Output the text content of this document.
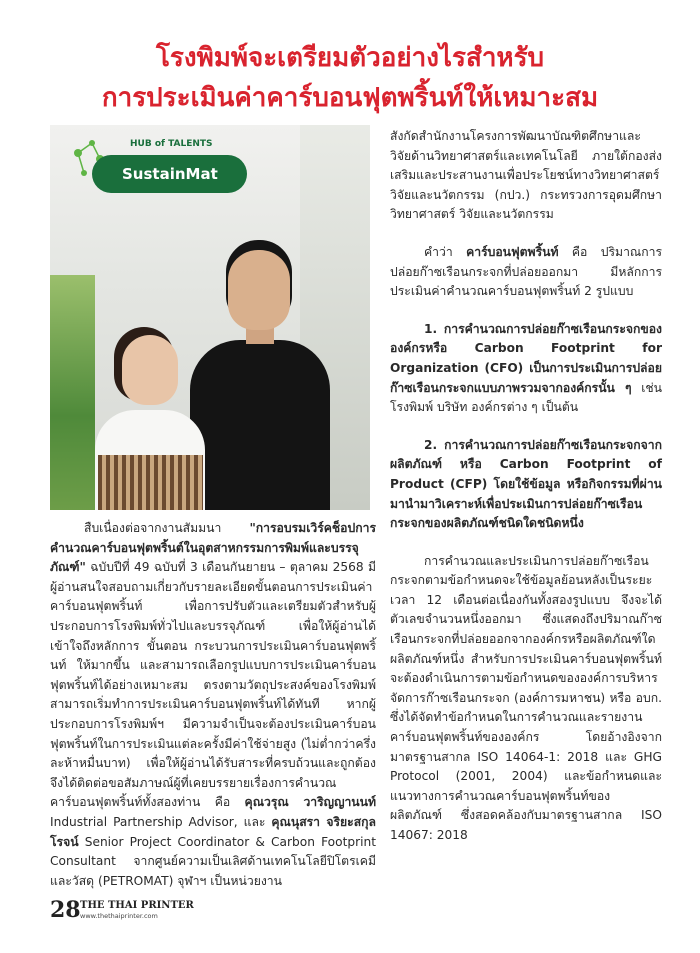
โรงพิมพ์จะเตรียมตัวอย่างไรสำหรับ
การประเมินค่าคาร์บอนฟุตพริ้นท์ให้เหมาะสม
HUB of TALENTS
SustainMat

สืบเนื่องต่อจากงานสัมมนา "การอบรมเวิร์คช็อปการคำนวณคาร์บอนฟุตพริ้นต์ในอุตสาหกรรมการพิมพ์และบรรจุภัณฑ์" ฉบับปีที่ 49 ฉบับที่ 3 เดือนกันยายน – ตุลาคม 2568 มีผู้อ่านสนใจสอบถามเกี่ยวกับรายละเอียดขั้นตอนการประเมินค่าคาร์บอนฟุตพริ้นท์ เพื่อการปรับตัวและเตรียมตัวสำหรับผู้ประกอบการโรงพิมพ์ทั่วไปและบรรจุภัณฑ์ เพื่อให้ผู้อ่านได้เข้าใจถึงหลักการ ขั้นตอน กระบวนการประเมินคาร์บอนฟุตพริ้นท์ ให้มากขึ้น และสามารถเลือกรูปแบบการประเมินคาร์บอนฟุตพริ้นท์ได้อย่างเหมาะสม ตรงตามวัตถุประสงค์ของโรงพิมพ์ สามารถเริ่มทำการประเมินคาร์บอนฟุตพริ้นท์ได้ทันที หากผู้ประกอบการโรงพิมพ์ฯ มีความจำเป็นจะต้องประเมินคาร์บอนฟุตพริ้นท์ในการประเมินแต่ละครั้งมีค่าใช้จ่ายสูง (ไม่ต่ำกว่าครึ่งละห้าหมื่นบาท) เพื่อให้ผู้อ่านได้รับสาระที่ครบถ้วนและถูกต้อง จึงได้ติดต่อขอสัมภาษณ์ผู้ที่เคยบรรยายเรื่องการคำนวณคาร์บอนฟุตพริ้นท์ทั้งสองท่าน คือ คุณวรุณ วาริญญานนท์ Industrial Partnership Advisor, และ คุณนุสรา จริยะสกุลโรจน์ Senior Project Coordinator & Carbon Footprint Consultant จากศูนย์ความเป็นเลิศด้านเทคโนโลยีปิโตรเคมีและวัสดุ (PETROMAT) จุฬาฯ เป็นหน่วยงาน

สังกัดสำนักงานโครงการพัฒนาบัณฑิตศึกษาและวิจัยด้านวิทยาศาสตร์และเทคโนโลยี ภายใต้กองส่งเสริมและประสานงานเพื่อประโยชน์ทางวิทยาศาสตร์ วิจัยและนวัตกรรม (กปว.) กระทรวงการอุดมศึกษาวิทยาศาสตร์ วิจัยและนวัตกรรม

คำว่า คาร์บอนฟุตพริ้นท์ คือ ปริมาณการปล่อยก๊าซเรือนกระจกที่ปล่อยออกมา มีหลักการประเมินค่าคำนวณคาร์บอนฟุตพริ้นท์ 2 รูปแบบ

1. การคำนวณการปล่อยก๊าซเรือนกระจกขององค์กรหรือ Carbon Footprint for Organization (CFO) เป็นการประเมินการปล่อยก๊าซเรือนกระจกแบบภาพรวมจากองค์กรนั้น ๆ เช่น โรงพิมพ์ บริษัท องค์กรต่าง ๆ เป็นต้น

2. การคำนวณการปล่อยก๊าซเรือนกระจกจากผลิตภัณฑ์ หรือ Carbon Footprint of Product (CFP) โดยใช้ข้อมูล หรือกิจกรรมที่ผ่านมานำมาวิเคราะห์เพื่อประเมินการปล่อยก๊าซเรือนกระจกของผลิตภัณฑ์ชนิดใดชนิดหนึ่ง

การคำนวณและประเมินการปล่อยก๊าซเรือนกระจกตามข้อกำหนดจะใช้ข้อมูลย้อนหลังเป็นระยะเวลา 12 เดือนต่อเนื่องกันทั้งสองรูปแบบ จึงจะได้ตัวเลขจำนวนหนึ่งออกมา ซึ่งแสดงถึงปริมาณก๊าซเรือนกระจกที่ปล่อยออกจากองค์กรหรือผลิตภัณฑ์ใดผลิตภัณฑ์หนึ่ง สำหรับการประเมินคาร์บอนฟุตพริ้นท์จะต้องดำเนินการตามข้อกำหนดขององค์การบริหารจัดการก๊าซเรือนกระจก (องค์การมหาชน) หรือ อบก. ซึ่งได้จัดทำข้อกำหนดในการคำนวณและรายงานคาร์บอนฟุตพริ้นท์ขององค์กร โดยอ้างอิงจากมาตรฐานสากล ISO 14064-1: 2018 และ GHG Protocol (2001, 2004) และข้อกำหนดและแนวทางการคำนวณคาร์บอนฟุตพริ้นท์ของผลิตภัณฑ์ ซึ่งสอดคล้องกับมาตรฐานสากล ISO 14067: 2018

28 THE THAI PRINTER
www.thethaiprinter.com
